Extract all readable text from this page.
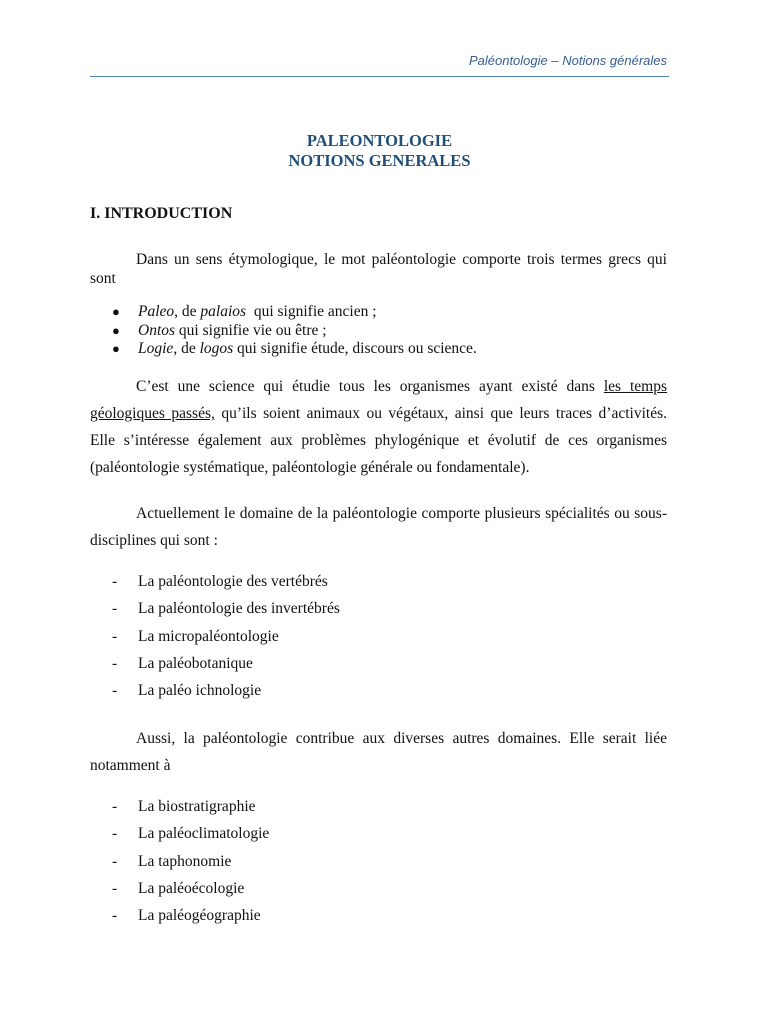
Paléontologie – Notions générales
PALEONTOLOGIE
NOTIONS GENERALES
I. INTRODUCTION

Dans un sens étymologique, le mot paléontologie comporte trois termes grecs qui sont

● Paleo, de palaios  qui signifie ancien ;
● Ontos qui signifie vie ou être ;
● Logie, de logos qui signifie étude, discours ou science.

C’est une science qui étudie tous les organismes ayant existé dans les temps géologiques passés, qu’ils soient animaux ou végétaux, ainsi que leurs traces d’activités. Elle s’intéresse également aux problèmes phylogénique et évolutif de ces organismes (paléontologie systématique, paléontologie générale ou fondamentale).

Actuellement le domaine de la paléontologie comporte plusieurs spécialités ou sous-disciplines qui sont :

- La paléontologie des vertébrés
- La paléontologie des invertébrés
- La micropaléontologie
- La paléobotanique
- La paléo ichnologie

Aussi, la paléontologie contribue aux diverses autres domaines. Elle serait liée notamment à

- La biostratigraphie
- La paléoclimatologie
- La taphonomie
- La paléoécologie
- La paléogéographie
